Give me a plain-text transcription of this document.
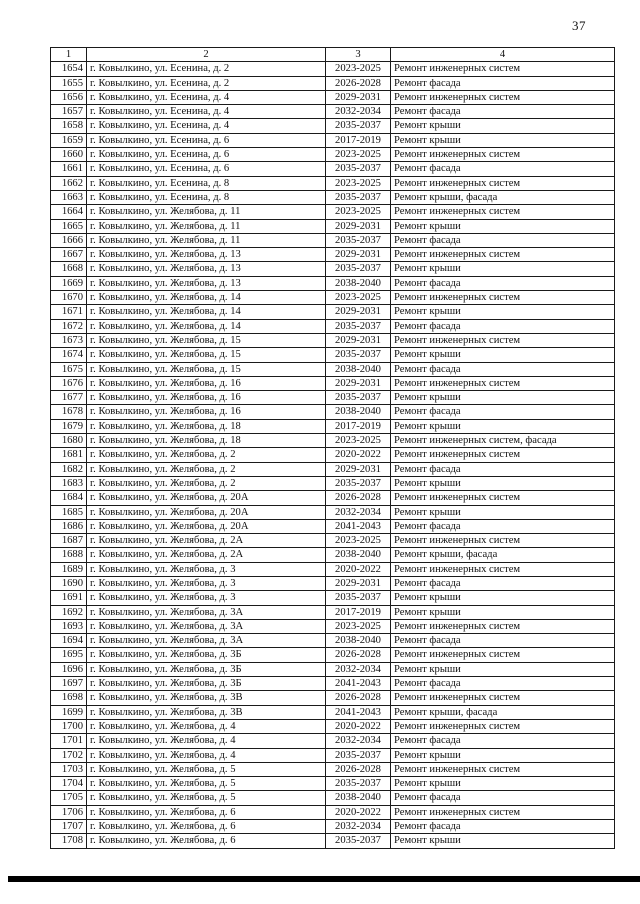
37
1	2	3	4
1654	г. Ковылкино, ул. Есенина, д. 2	2023-2025	Ремонт инженерных систем
1655	г. Ковылкино, ул. Есенина, д. 2	2026-2028	Ремонт фасада
1656	г. Ковылкино, ул. Есенина, д. 4	2029-2031	Ремонт инженерных систем
1657	г. Ковылкино, ул. Есенина, д. 4	2032-2034	Ремонт фасада
1658	г. Ковылкино, ул. Есенина, д. 4	2035-2037	Ремонт крыши
1659	г. Ковылкино, ул. Есенина, д. 6	2017-2019	Ремонт крыши
1660	г. Ковылкино, ул. Есенина, д. 6	2023-2025	Ремонт инженерных систем
1661	г. Ковылкино, ул. Есенина, д. 6	2035-2037	Ремонт фасада
1662	г. Ковылкино, ул. Есенина, д. 8	2023-2025	Ремонт инженерных систем
1663	г. Ковылкино, ул. Есенина, д. 8	2035-2037	Ремонт крыши, фасада
1664	г. Ковылкино, ул. Желябова, д. 11	2023-2025	Ремонт инженерных систем
1665	г. Ковылкино, ул. Желябова, д. 11	2029-2031	Ремонт крыши
1666	г. Ковылкино, ул. Желябова, д. 11	2035-2037	Ремонт фасада
1667	г. Ковылкино, ул. Желябова, д. 13	2029-2031	Ремонт инженерных систем
1668	г. Ковылкино, ул. Желябова, д. 13	2035-2037	Ремонт крыши
1669	г. Ковылкино, ул. Желябова, д. 13	2038-2040	Ремонт фасада
1670	г. Ковылкино, ул. Желябова, д. 14	2023-2025	Ремонт инженерных систем
1671	г. Ковылкино, ул. Желябова, д. 14	2029-2031	Ремонт крыши
1672	г. Ковылкино, ул. Желябова, д. 14	2035-2037	Ремонт фасада
1673	г. Ковылкино, ул. Желябова, д. 15	2029-2031	Ремонт инженерных систем
1674	г. Ковылкино, ул. Желябова, д. 15	2035-2037	Ремонт крыши
1675	г. Ковылкино, ул. Желябова, д. 15	2038-2040	Ремонт фасада
1676	г. Ковылкино, ул. Желябова, д. 16	2029-2031	Ремонт инженерных систем
1677	г. Ковылкино, ул. Желябова, д. 16	2035-2037	Ремонт крыши
1678	г. Ковылкино, ул. Желябова, д. 16	2038-2040	Ремонт фасада
1679	г. Ковылкино, ул. Желябова, д. 18	2017-2019	Ремонт крыши
1680	г. Ковылкино, ул. Желябова, д. 18	2023-2025	Ремонт инженерных систем, фасада
1681	г. Ковылкино, ул. Желябова, д. 2	2020-2022	Ремонт инженерных систем
1682	г. Ковылкино, ул. Желябова, д. 2	2029-2031	Ремонт фасада
1683	г. Ковылкино, ул. Желябова, д. 2	2035-2037	Ремонт крыши
1684	г. Ковылкино, ул. Желябова, д. 20А	2026-2028	Ремонт инженерных систем
1685	г. Ковылкино, ул. Желябова, д. 20А	2032-2034	Ремонт крыши
1686	г. Ковылкино, ул. Желябова, д. 20А	2041-2043	Ремонт фасада
1687	г. Ковылкино, ул. Желябова, д. 2А	2023-2025	Ремонт инженерных систем
1688	г. Ковылкино, ул. Желябова, д. 2А	2038-2040	Ремонт крыши, фасада
1689	г. Ковылкино, ул. Желябова, д. 3	2020-2022	Ремонт инженерных систем
1690	г. Ковылкино, ул. Желябова, д. 3	2029-2031	Ремонт фасада
1691	г. Ковылкино, ул. Желябова, д. 3	2035-2037	Ремонт крыши
1692	г. Ковылкино, ул. Желябова, д. 3А	2017-2019	Ремонт крыши
1693	г. Ковылкино, ул. Желябова, д. 3А	2023-2025	Ремонт инженерных систем
1694	г. Ковылкино, ул. Желябова, д. 3А	2038-2040	Ремонт фасада
1695	г. Ковылкино, ул. Желябова, д. 3Б	2026-2028	Ремонт инженерных систем
1696	г. Ковылкино, ул. Желябова, д. 3Б	2032-2034	Ремонт крыши
1697	г. Ковылкино, ул. Желябова, д. 3Б	2041-2043	Ремонт фасада
1698	г. Ковылкино, ул. Желябова, д. 3В	2026-2028	Ремонт инженерных систем
1699	г. Ковылкино, ул. Желябова, д. 3В	2041-2043	Ремонт крыши, фасада
1700	г. Ковылкино, ул. Желябова, д. 4	2020-2022	Ремонт инженерных систем
1701	г. Ковылкино, ул. Желябова, д. 4	2032-2034	Ремонт фасада
1702	г. Ковылкино, ул. Желябова, д. 4	2035-2037	Ремонт крыши
1703	г. Ковылкино, ул. Желябова, д. 5	2026-2028	Ремонт инженерных систем
1704	г. Ковылкино, ул. Желябова, д. 5	2035-2037	Ремонт крыши
1705	г. Ковылкино, ул. Желябова, д. 5	2038-2040	Ремонт фасада
1706	г. Ковылкино, ул. Желябова, д. 6	2020-2022	Ремонт инженерных систем
1707	г. Ковылкино, ул. Желябова, д. 6	2032-2034	Ремонт фасада
1708	г. Ковылкино, ул. Желябова, д. 6	2035-2037	Ремонт крыши
